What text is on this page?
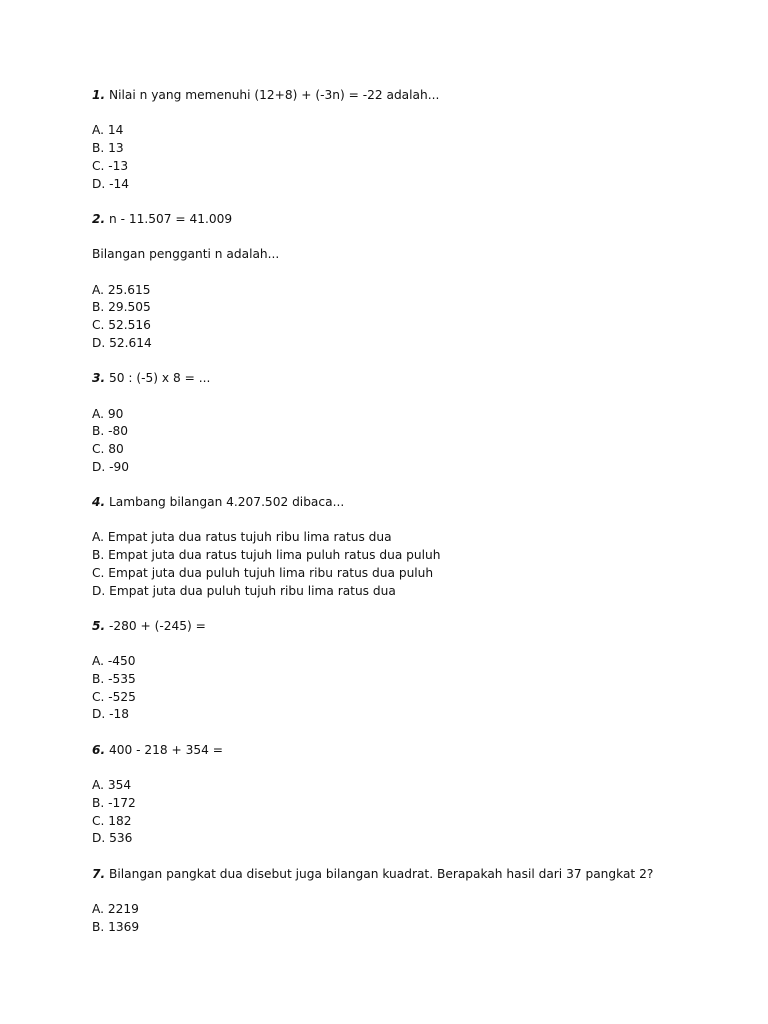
1. Nilai n yang memenuhi (12+8) + (-3n) = -22 adalah...

A. 14

B. 13

C. -13

D. -14

2. n - 11.507 = 41.009

Bilangan pengganti n adalah...

A. 25.615

B. 29.505

C. 52.516

D. 52.614

3. 50 : (-5) x 8 = ...

A. 90

B. -80

C. 80

D. -90

4. Lambang bilangan 4.207.502 dibaca...

A. Empat juta dua ratus tujuh ribu lima ratus dua

B. Empat juta dua ratus tujuh lima puluh ratus dua puluh

C. Empat juta dua puluh tujuh lima ribu ratus dua puluh

D. Empat juta dua puluh tujuh ribu lima ratus dua

5. -280 + (-245) =

A. -450

B. -535

C. -525

D. -18

6. 400 - 218 + 354 =

A. 354

B. -172

C. 182

D. 536

7. Bilangan pangkat dua disebut juga bilangan kuadrat. Berapakah hasil dari 37 pangkat 2?

A. 2219

B. 1369
